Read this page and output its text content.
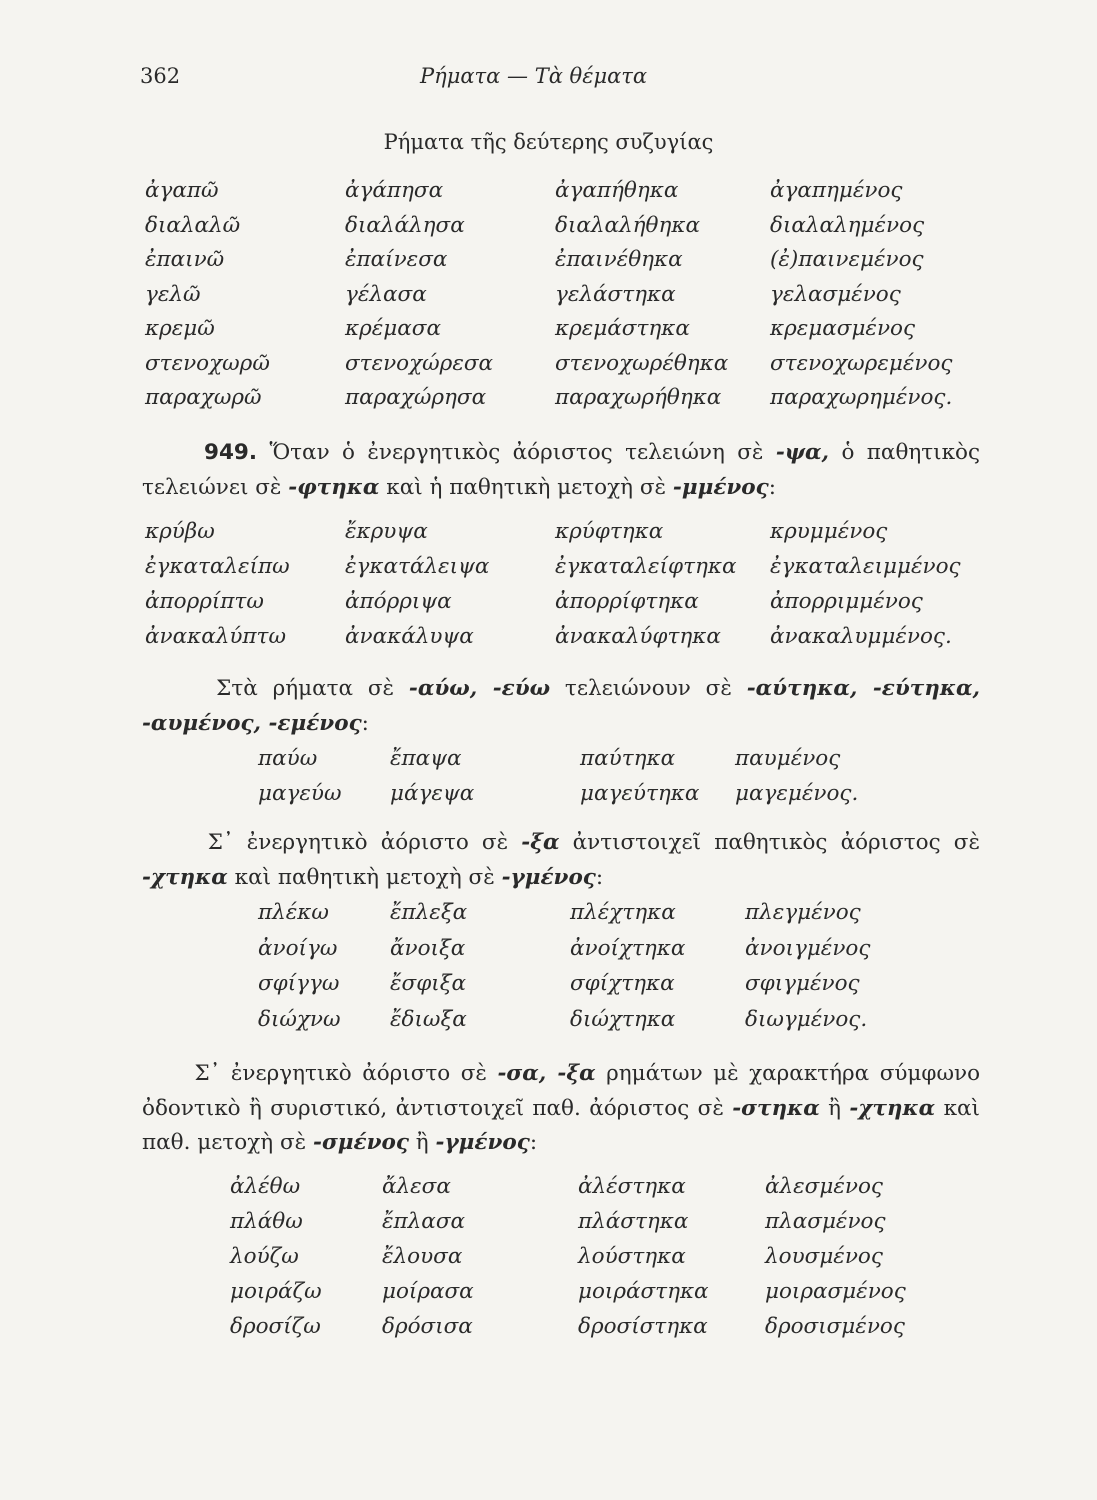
362	Ρήματα — Τὰ θέματα
Ρήματα τῆς δεύτερης συζυγίας
ἀγαπῶ	ἀγάπησα	ἀγαπήθηκα	ἀγαπημένος
διαλαλῶ	διαλάλησα	διαλαλήθηκα	διαλαλημένος
ἐπαινῶ	ἐπαίνεσα	ἐπαινέθηκα	(ἐ)παινεμένος
γελῶ	γέλασα	γελάστηκα	γελασμένος
κρεμῶ	κρέμασα	κρεμάστηκα	κρεμασμένος
στενοχωρῶ	στενοχώρεσα	στενοχωρέθηκα στενοχωρεμένος
παραχωρῶ	παραχώρησα	παραχωρήθηκα παραχωρημένος.
949. Ὅταν ὁ ἐνεργητικὸς ἀόριστος τελειώνη σὲ -ψα, ὁ παθητικὸς τελειώνει σὲ -φτηκα καὶ ἡ παθητικὴ μετοχὴ σὲ -μμένος:
κρύβω	ἔκρυψα	κρύφτηκα	κρυμμένος
ἐγκαταλείπω	ἐγκατάλειψα	ἐγκαταλείφτηκα ἐγκαταλειμμένος
ἀπορρίπτω	ἀπόρριψα	ἀπορρίφτηκα	ἀπορριμμένος
ἀνακαλύπτω	ἀνακάλυψα	ἀνακαλύφτηκα ἀνακαλυμμένος.
Στὰ ρήματα σὲ -αύω, -εύω τελειώνουν σὲ -αύτηκα, -εύτηκα, -αυμένος, -εμένος:
παύω	ἔπαψα	παύτηκα	παυμένος
μαγεύω μάγεψα	μαγεύτηκα μαγεμένος.
Σ᾽ ἐνεργητικὸ ἀόριστο σὲ -ξα ἀντιστοιχεῖ παθητικὸς ἀόριστος σὲ -χτηκα καὶ παθητικὴ μετοχὴ σὲ -γμένος:
πλέκω	ἔπλεξα	πλέχτηκα	πλεγμένος
ἀνοίγω ἄνοιξα	ἀνοίχτηκα	ἀνοιγμένος
σφίγγω ἔσφιξα	σφίχτηκα	σφιγμένος
διώχνω ἔδιωξα	διώχτηκα	διωγμένος.
Σ᾽ ἐνεργητικὸ ἀόριστο σὲ -σα, -ξα ρημάτων μὲ χαρακτήρα σύμφωνο ὀδοντικὸ ἢ συριστικό, ἀντιστοιχεῖ παθ. ἀόριστος σὲ -στηκα ἢ -χτηκα καὶ παθ. μετοχὴ σὲ -σμένος ἢ -γμένος:
ἀλέθω	ἄλεσα	ἀλέστηκα	ἀλεσμένος
πλάθω	ἔπλασα	πλάστηκα	πλασμένος
λούζω	ἔλουσα	λούστηκα	λουσμένος
μοιράζω	μοίρασα	μοιράστηκα	μοιρασμένος
δροσίζω	δρόσισα	δροσίστηκα	δροσισμένος
